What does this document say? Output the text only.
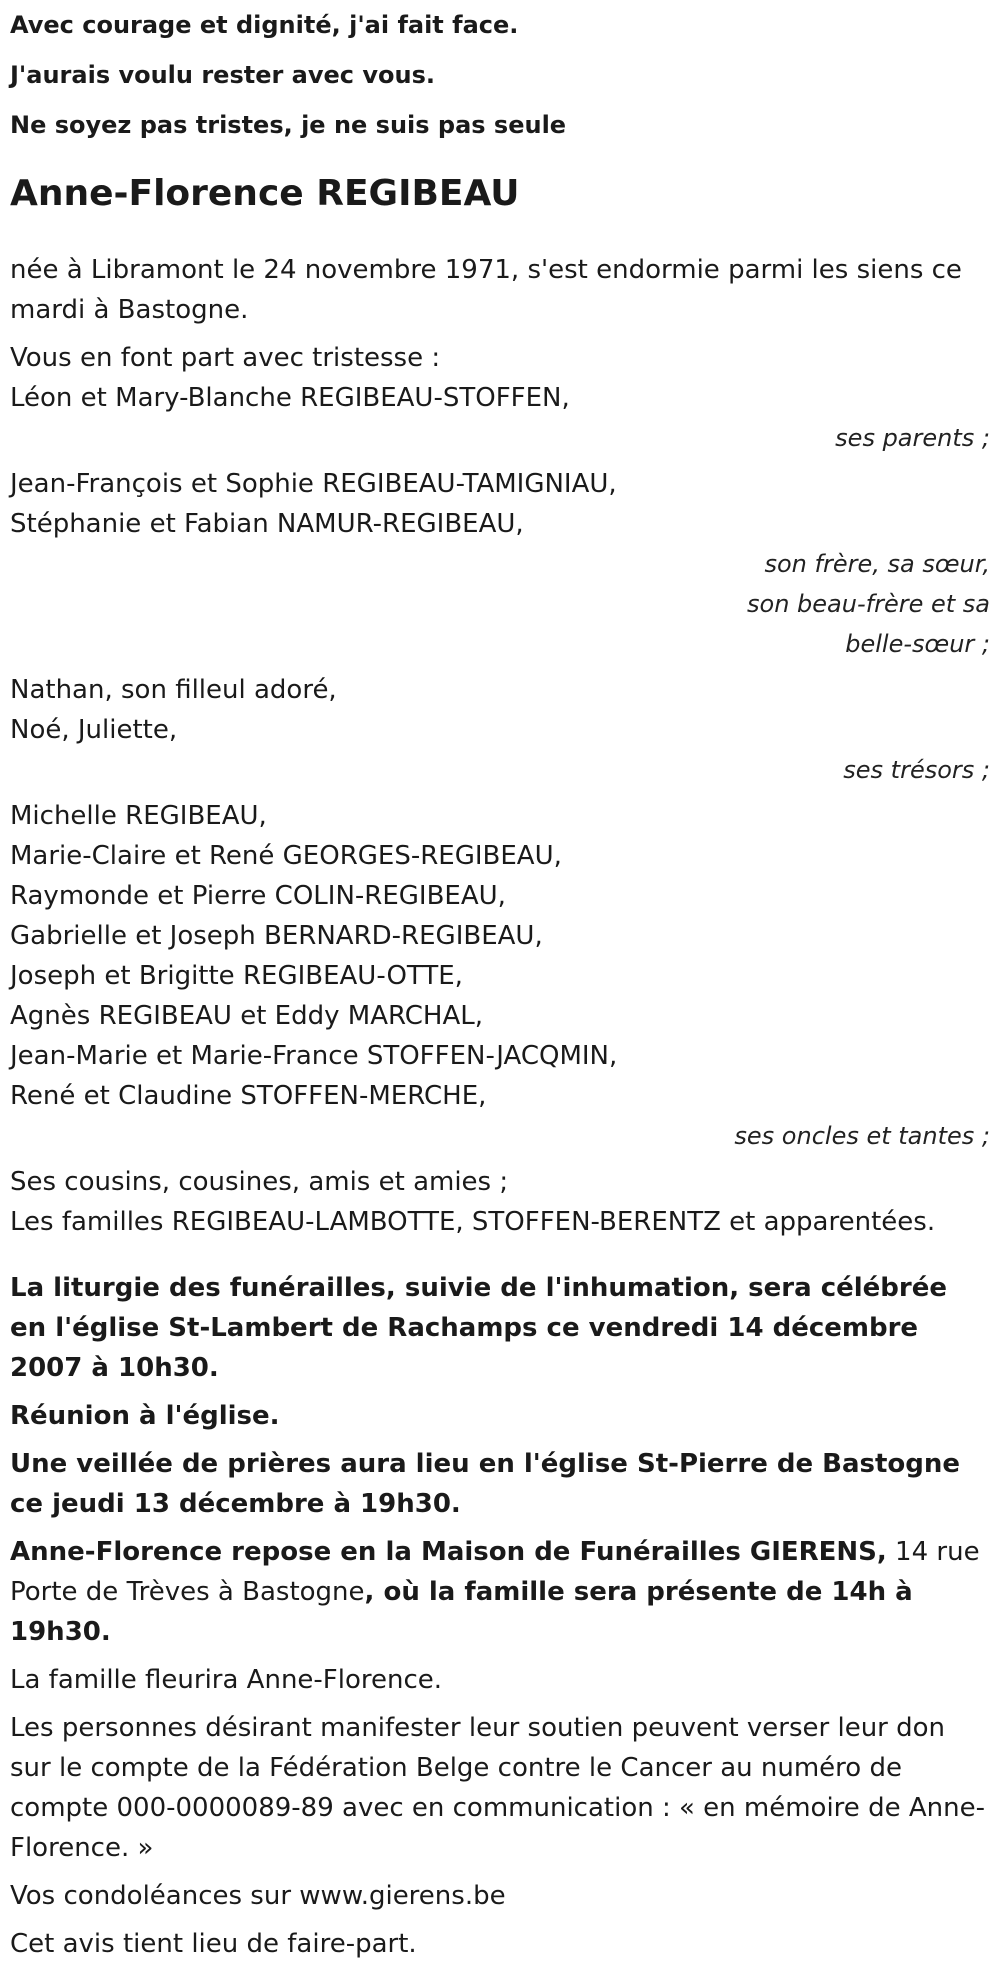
Avec courage et dignité, j'ai fait face.

J'aurais voulu rester avec vous.

Ne soyez pas tristes, je ne suis pas seule

Anne-Florence REGIBEAU

née à Libramont le 24 novembre 1971, s'est endormie parmi les siens ce mardi à Bastogne.

Vous en font part avec tristesse :

Léon et Mary-Blanche REGIBEAU-STOFFEN,

ses parents ;

Jean-François et Sophie REGIBEAU-TAMIGNIAU,

Stéphanie et Fabian NAMUR-REGIBEAU,

son frère, sa sœur, son beau-frère et sa belle-sœur ;

Nathan, son filleul adoré,

Noé, Juliette,

ses trésors ;

Michelle REGIBEAU,

Marie-Claire et René GEORGES-REGIBEAU,

Raymonde et Pierre COLIN-REGIBEAU,

Gabrielle et Joseph BERNARD-REGIBEAU,

Joseph et Brigitte REGIBEAU-OTTE,

Agnès REGIBEAU et Eddy MARCHAL,

Jean-Marie et Marie-France STOFFEN-JACQMIN,

René et Claudine STOFFEN-MERCHE,

ses oncles et tantes ;

Ses cousins, cousines, amis et amies ;

Les familles REGIBEAU-LAMBOTTE, STOFFEN-BERENTZ et apparentées.

La liturgie des funérailles, suivie de l'inhumation, sera célébrée en l'église St-Lambert de Rachamps ce vendredi 14 décembre 2007 à 10h30.

Réunion à l'église.

Une veillée de prières aura lieu en l'église St-Pierre de Bastogne ce jeudi 13 décembre à 19h30.

Anne-Florence repose en la Maison de Funérailles GIERENS, 14 rue Porte de Trèves à Bastogne, où la famille sera présente de 14h à 19h30.

La famille fleurira Anne-Florence.

Les personnes désirant manifester leur soutien peuvent verser leur don sur le compte de la Fédération Belge contre le Cancer au numéro de compte 000-0000089-89 avec en communication : « en mémoire de Anne-Florence. »

Vos condoléances sur www.gierens.be

Cet avis tient lieu de faire-part.
